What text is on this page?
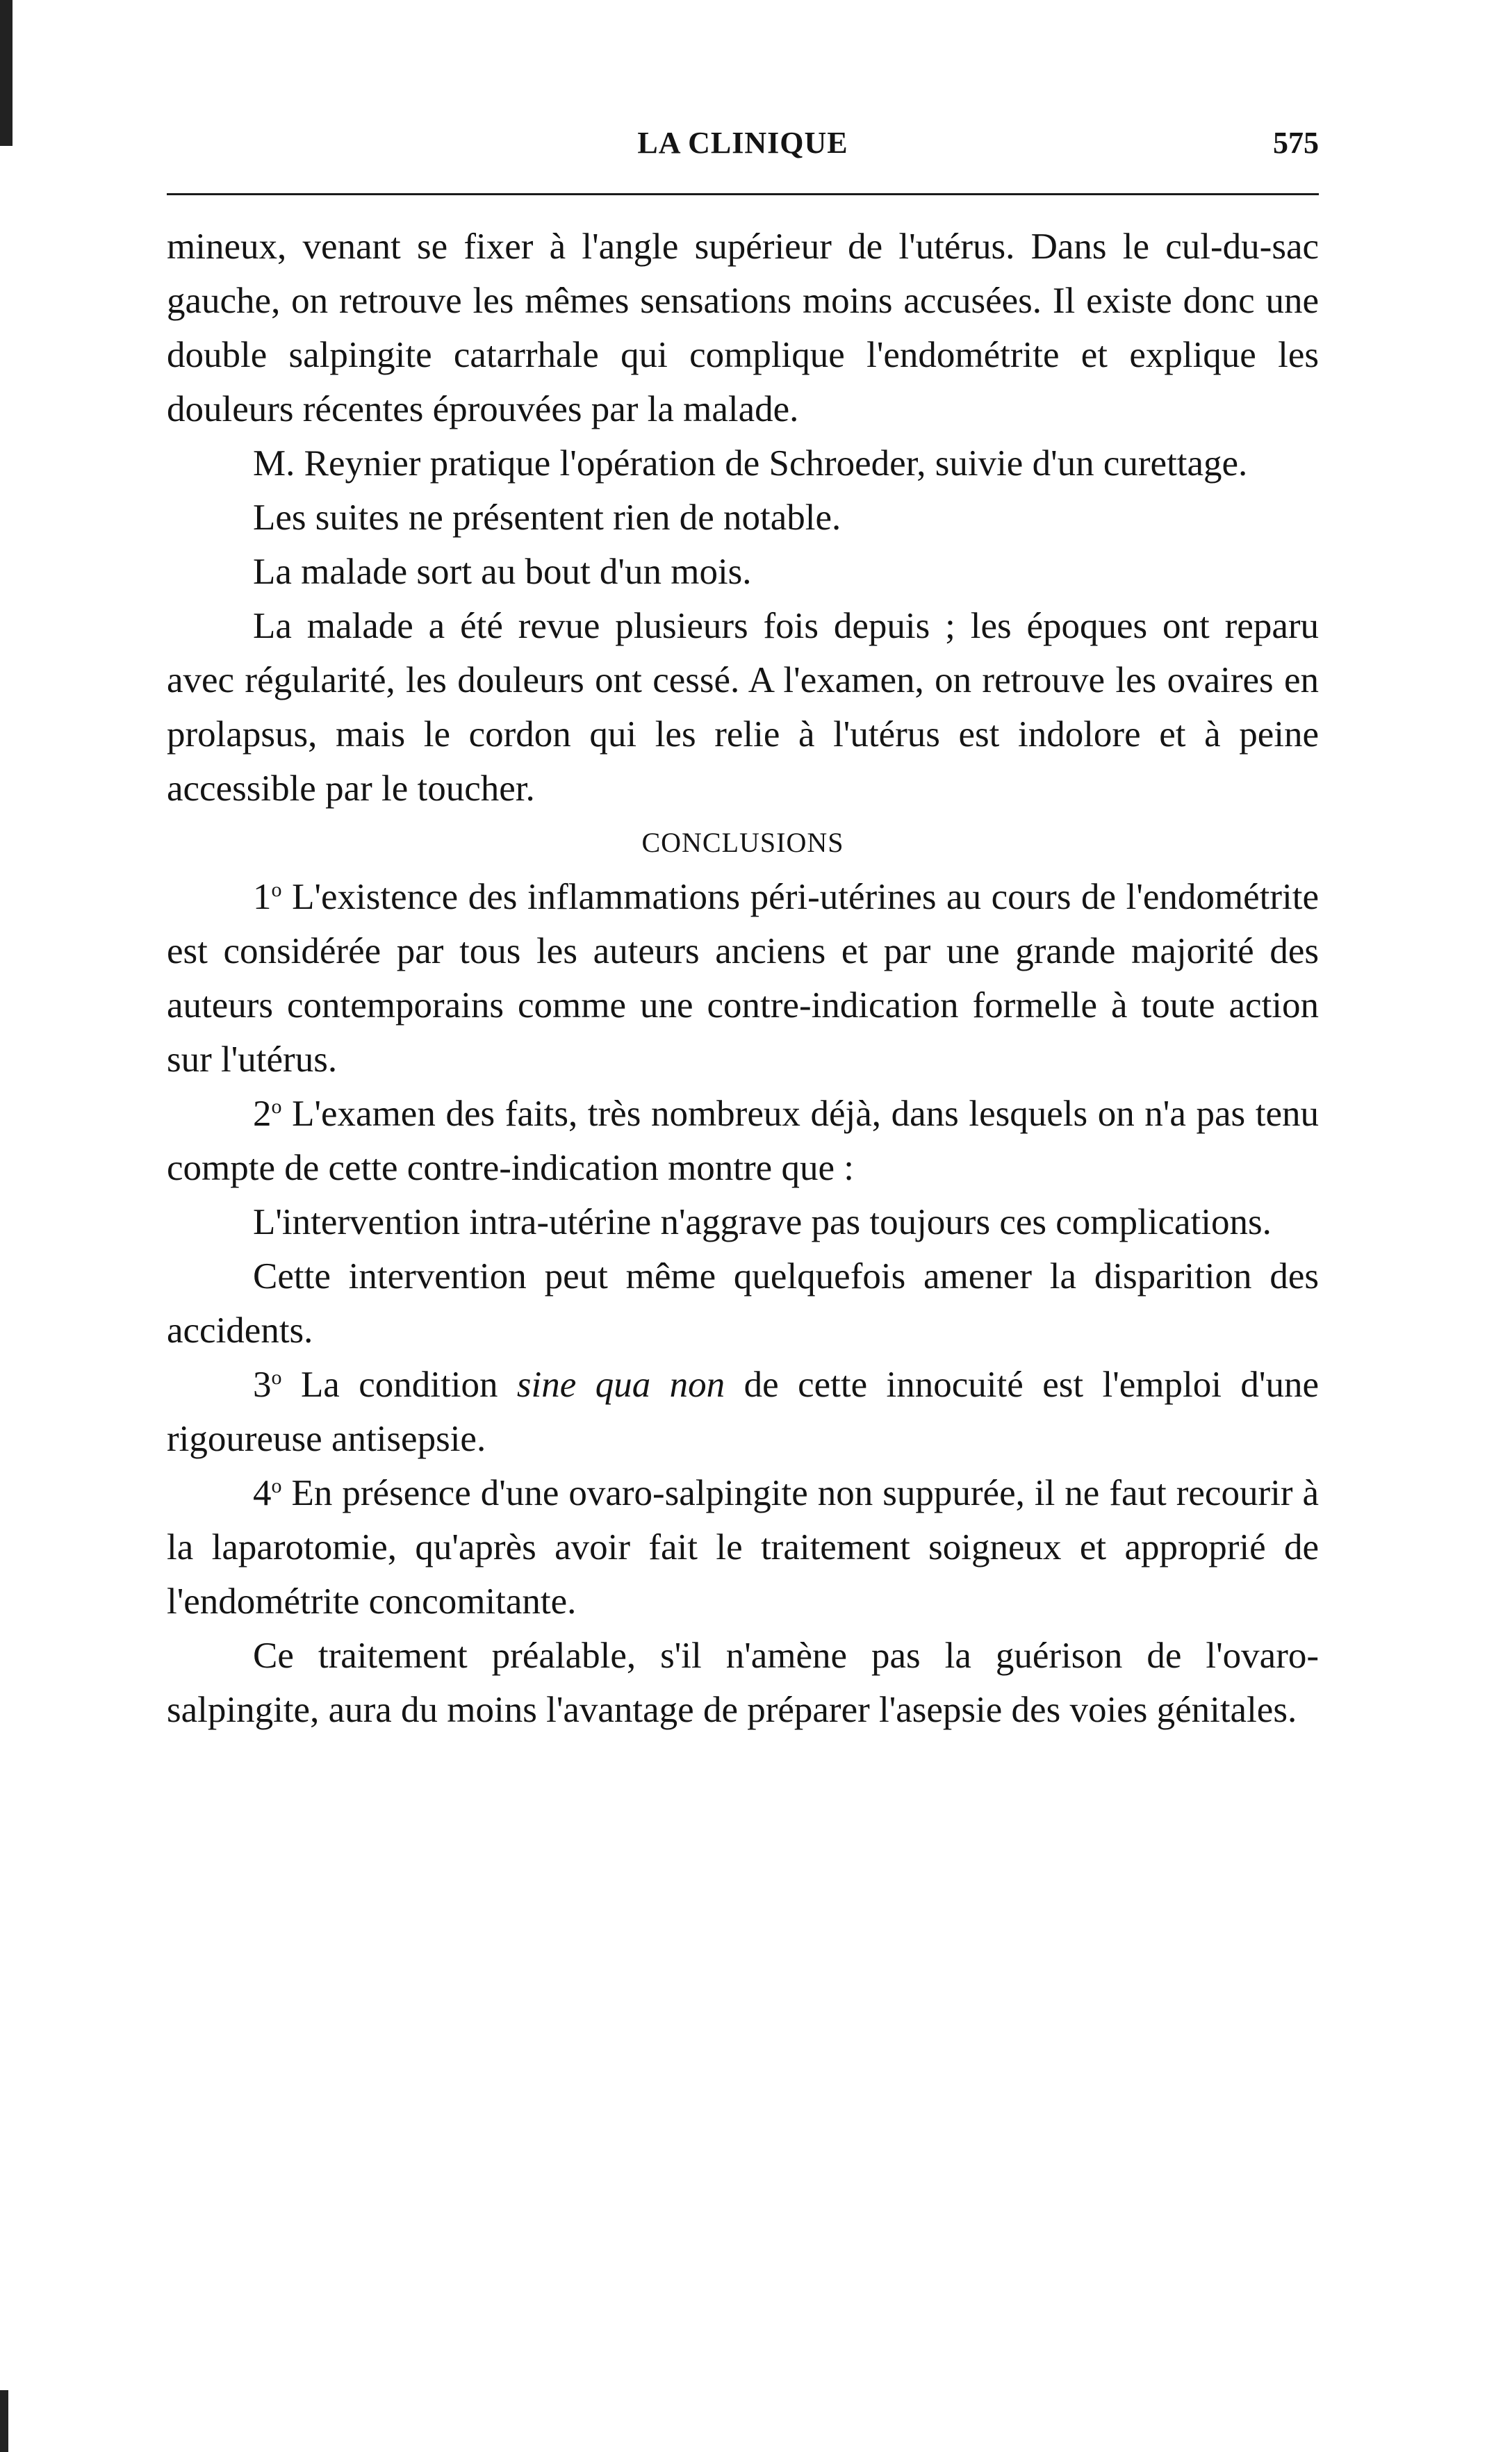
LA CLINIQUE	575

mineux, venant se fixer à l'angle supérieur de l'utérus. Dans le cul-du-sac gauche, on retrouve les mêmes sensations moins accusées. Il existe donc une double salpingite catarrhale qui complique l'endométrite et explique les douleurs récentes éprouvées par la malade.

M. Reynier pratique l'opération de Schroeder, suivie d'un curettage.

Les suites ne présentent rien de notable.

La malade sort au bout d'un mois.

La malade a été revue plusieurs fois depuis ; les époques ont reparu avec régularité, les douleurs ont cessé. A l'examen, on retrouve les ovaires en prolapsus, mais le cordon qui les relie à l'utérus est indolore et à peine accessible par le toucher.

CONCLUSIONS

1$^o$ L'existence des inflammations péri-utérines au cours de l'endométrite est considérée par tous les auteurs anciens et par une grande majorité des auteurs contemporains comme une contre-indication formelle à toute action sur l'utérus.

2$^o$ L'examen des faits, très nombreux déjà, dans lesquels on n'a pas tenu compte de cette contre-indication montre que :

L'intervention intra-utérine n'aggrave pas toujours ces complications.

Cette intervention peut même quelquefois amener la disparition des accidents.

3$^o$ La condition sine qua non de cette innocuité est l'emploi d'une rigoureuse antisepsie.

4$^o$ En présence d'une ovaro-salpingite non suppurée, il ne faut recourir à la laparotomie, qu'après avoir fait le traitement soigneux et approprié de l'endométrite concomitante.

Ce traitement préalable, s'il n'amène pas la guérison de l'ovaro-salpingite, aura du moins l'avantage de préparer l'asepsie des voies génitales.
